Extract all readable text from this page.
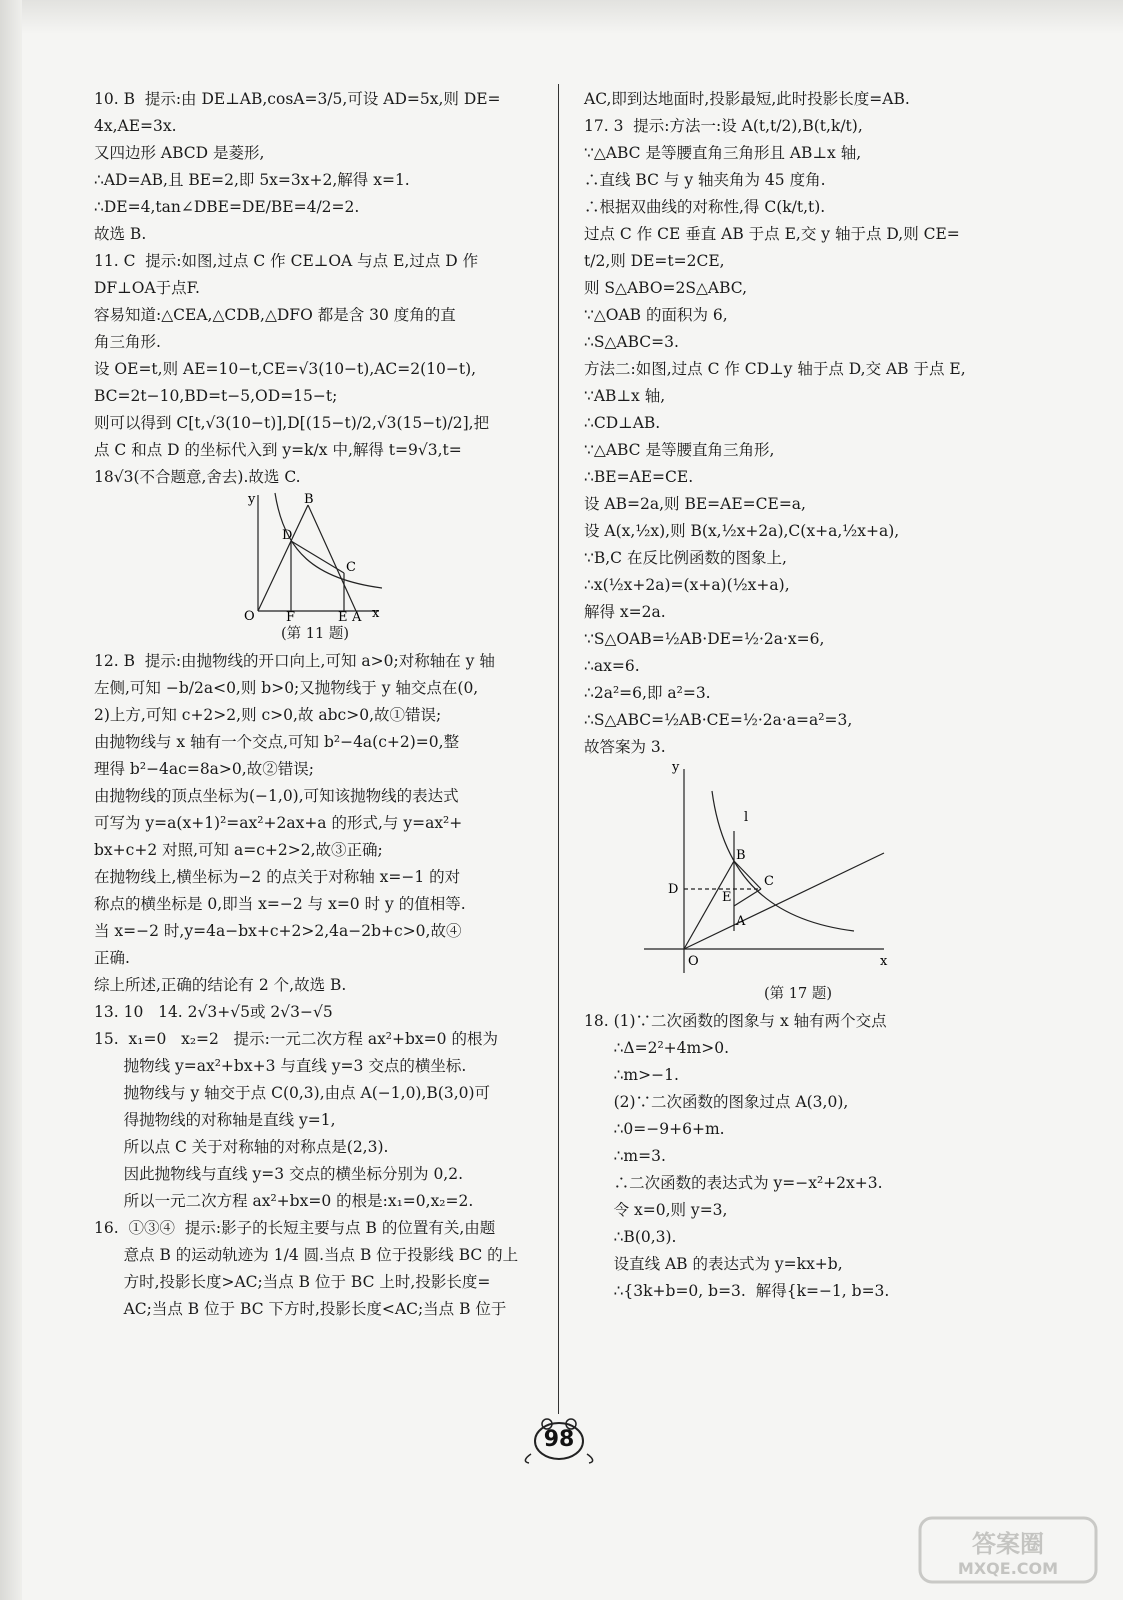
10. B  提示:由 DE⊥AB,cosA=3/5,可设 AD=5x,则 DE=
4x,AE=3x.
又四边形 ABCD 是菱形,
∴AD=AB,且 BE=2,即 5x=3x+2,解得 x=1.
∴DE=4,tan∠DBE=DE/BE=4/2=2.
故选 B.
11. C  提示:如图,过点 C 作 CE⊥OA 与点 E,过点 D 作
DF⊥OA于点F.
容易知道:△CEA,△CDB,△DFO 都是含 30 度角的直
角三角形.
设 OE=t,则 AE=10−t,CE=√3(10−t),AC=2(10−t),
BC=2t−10,BD=t−5,OD=15−t;
则可以得到 C[t,√3(10−t)],D[(15−t)/2,√3(15−t)/2],把
点 C 和点 D 的坐标代入到 y=k/x 中,解得 t=9√3,t=
18√3(不合题意,舍去).故选 C.
y	B
D
C
O F	E A x
(第 11 题)
12. B  提示:由抛物线的开口向上,可知 a>0;对称轴在 y 轴
左侧,可知 −b/2a<0,则 b>0;又抛物线于 y 轴交点在(0,
2)上方,可知 c+2>2,则 c>0,故 abc>0,故①错误;
由抛物线与 x 轴有一个交点,可知 b²−4a(c+2)=0,整
理得 b²−4ac=8a>0,故②错误;
由抛物线的顶点坐标为(−1,0),可知该抛物线的表达式
可写为 y=a(x+1)²=ax²+2ax+a 的形式,与 y=ax²+
bx+c+2 对照,可知 a=c+2>2,故③正确;
在抛物线上,横坐标为−2 的点关于对称轴 x=−1 的对
称点的横坐标是 0,即当 x=−2 与 x=0 时 y 的值相等.
当 x=−2 时,y=4a−bx+c+2>2,4a−2b+c>0,故④
正确.
综上所述,正确的结论有 2 个,故选 B.
13. 10   14. 2√3+√5或 2√3−√5
15.  x₁=0   x₂=2   提示:一元二次方程 ax²+bx=0 的根为
抛物线 y=ax²+bx+3 与直线 y=3 交点的横坐标.
抛物线与 y 轴交于点 C(0,3),由点 A(−1,0),B(3,0)可
得抛物线的对称轴是直线 y=1,
所以点 C 关于对称轴的对称点是(2,3).
因此抛物线与直线 y=3 交点的横坐标分别为 0,2.
所以一元二次方程 ax²+bx=0 的根是:x₁=0,x₂=2.
16.  ①③④  提示:影子的长短主要与点 B 的位置有关,由题
意点 B 的运动轨迹为 1/4 圆.当点 B 位于投影线 BC 的上
方时,投影长度>AC;当点 B 位于 BC 上时,投影长度=
AC;当点 B 位于 BC 下方时,投影长度<AC;当点 B 位于
AC,即到达地面时,投影最短,此时投影长度=AB.
17. 3  提示:方法一:设 A(t,t/2),B(t,k/t),
∵△ABC 是等腰直角三角形且 AB⊥x 轴,
∴直线 BC 与 y 轴夹角为 45 度角.
∴根据双曲线的对称性,得 C(k/t,t).
过点 C 作 CE 垂直 AB 于点 E,交 y 轴于点 D,则 CE=
t/2,则 DE=t=2CE,
则 S△ABO=2S△ABC,
∵△OAB 的面积为 6,
∴S△ABC=3.
方法二:如图,过点 C 作 CD⊥y 轴于点 D,交 AB 于点 E,
∵AB⊥x 轴,
∴CD⊥AB.
∵△ABC 是等腰直角三角形,
∴BE=AE=CE.
设 AB=2a,则 BE=AE=CE=a,
设 A(x,½x),则 B(x,½x+2a),C(x+a,½x+a),
∵B,C 在反比例函数的图象上,
∴x(½x+2a)=(x+a)(½x+a),
解得 x=2a.
∵S△OAB=½AB·DE=½·2a·x=6,
∴ax=6.
∴2a²=6,即 a²=3.
∴S△ABC=½AB·CE=½·2a·a=a²=3,
故答案为 3.
y
l
B
D
C
E
A
O	x
(第 17 题)
18. (1)∵二次函数的图象与 x 轴有两个交点
∴Δ=2²+4m>0.
∴m>−1.
(2)∵二次函数的图象过点 A(3,0),
∴0=−9+6+m.
∴m=3.
∴二次函数的表达式为 y=−x²+2x+3.
令 x=0,则 y=3,
∴B(0,3).
设直线 AB 的表达式为 y=kx+b,
∴{3k+b=0, b=3.  解得{k=−1, b=3.
98
答案圈
MXQE.COM
